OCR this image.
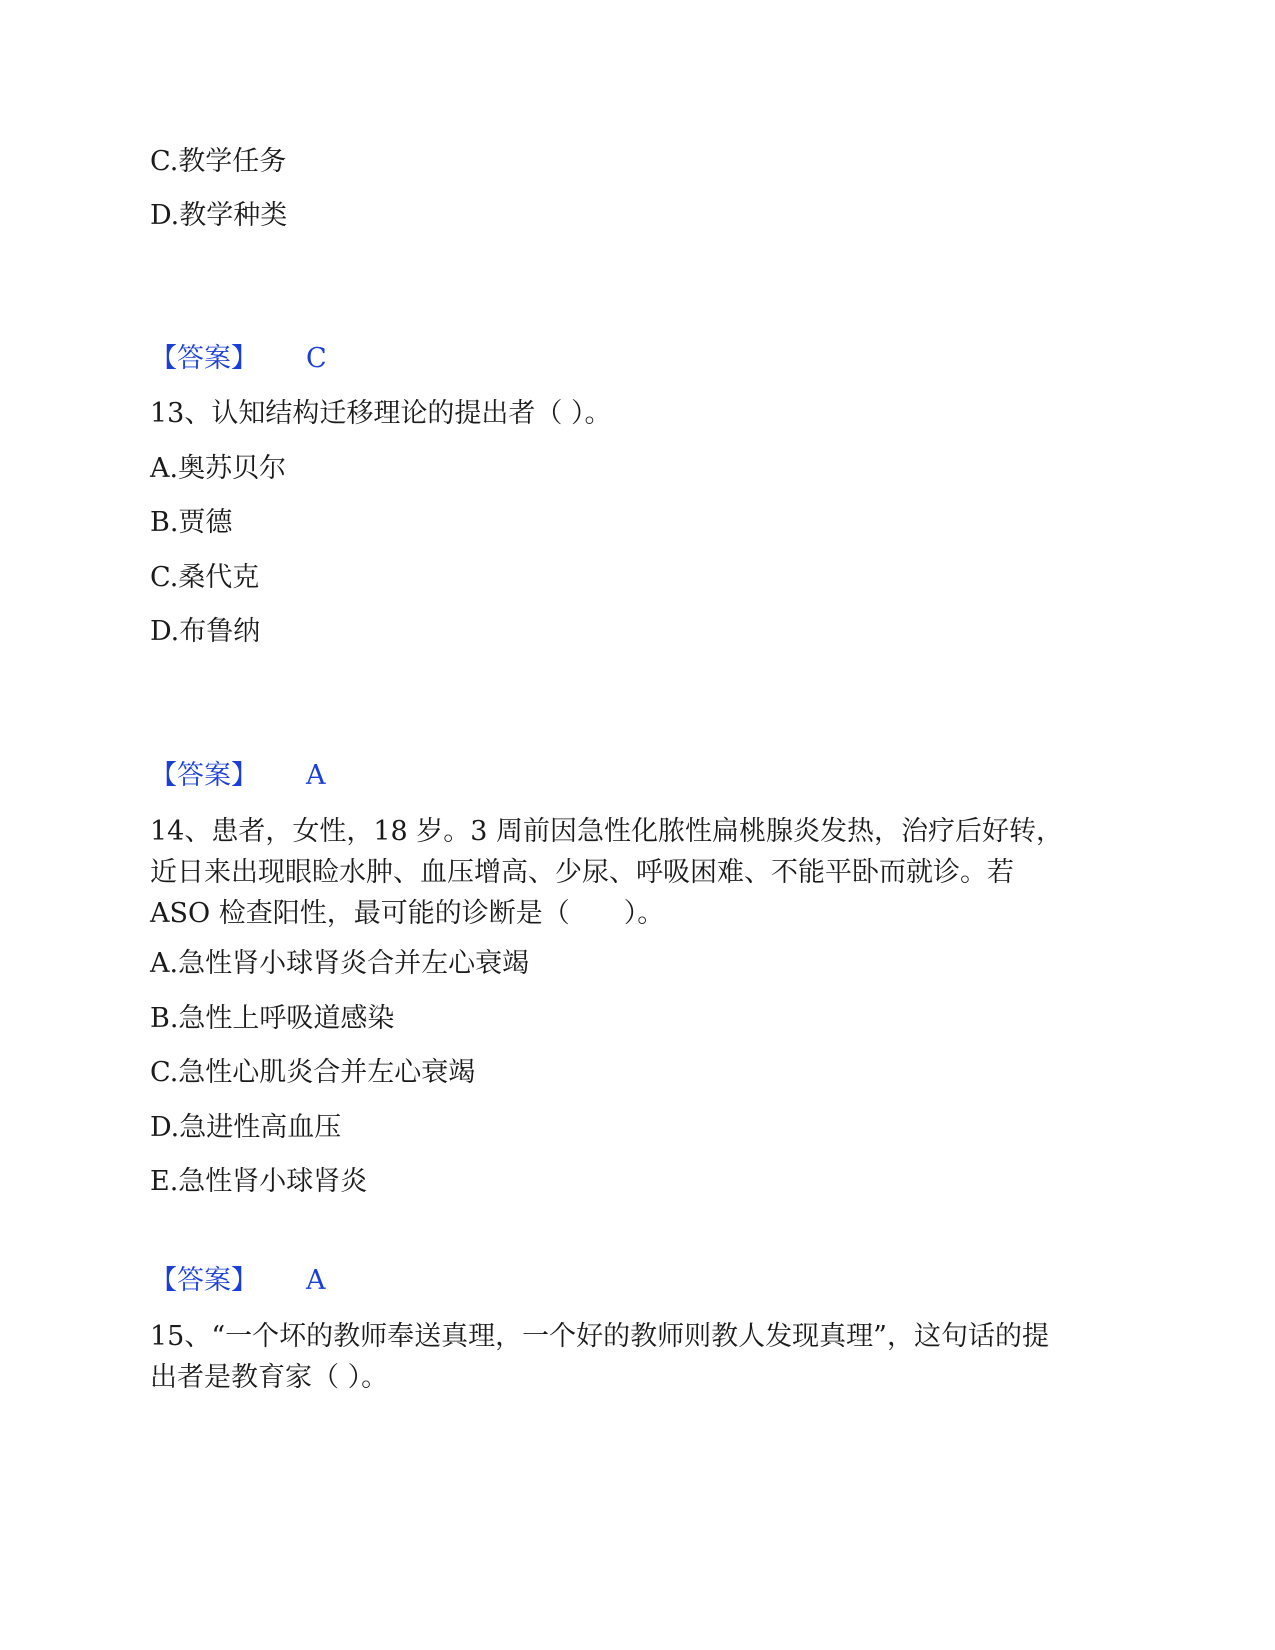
C.教学任务
D.教学种类
【答案】 C
13、认知结构迁移理论的提出者（ ）。
A.奥苏贝尔
B.贾德
C.桑代克
D.布鲁纳
【答案】 A
14、患者，女性，18 岁。3 周前因急性化脓性扁桃腺炎发热，治疗后好转，
近日来出现眼睑水肿、血压增高、少尿、呼吸困难、不能平卧而就诊。若
ASO 检查阳性，最可能的诊断是（　　）。
A.急性肾小球肾炎合并左心衰竭
B.急性上呼吸道感染
C.急性心肌炎合并左心衰竭
D.急进性高血压
E.急性肾小球肾炎
【答案】 A
15、“一个坏的教师奉送真理，一个好的教师则教人发现真理”，这句话的提
出者是教育家（ ）。
